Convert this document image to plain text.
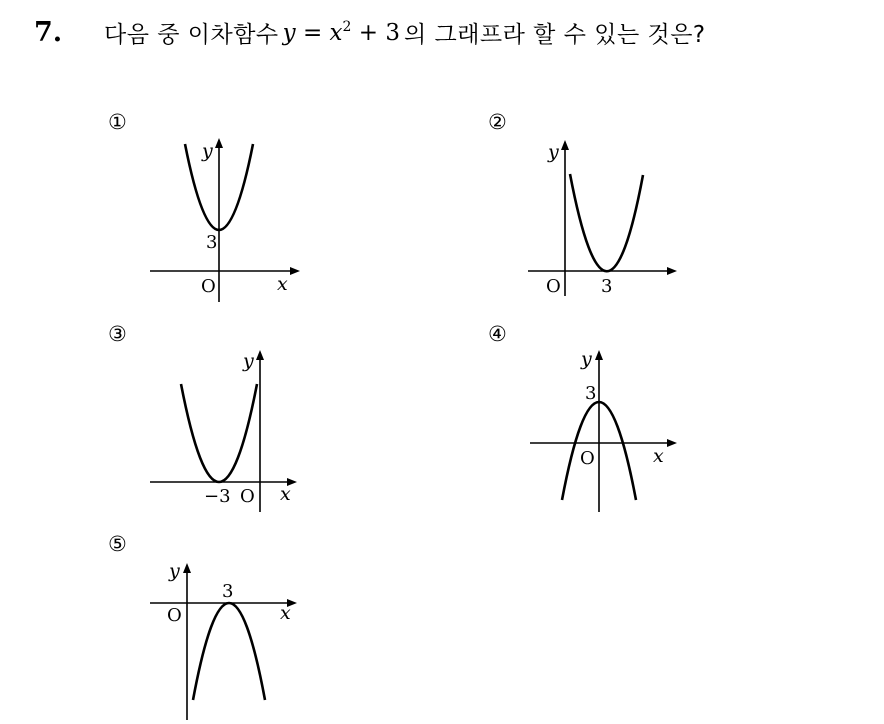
7.	다음 중 이차함수 $y = x^2 + 3$ 의 그래프라 할 수 있는 것은?
①
y
x
O
3
②
y
O 3
③
y
x
O
−3
④
y
x
O
3
⑤
y
x
O
3
